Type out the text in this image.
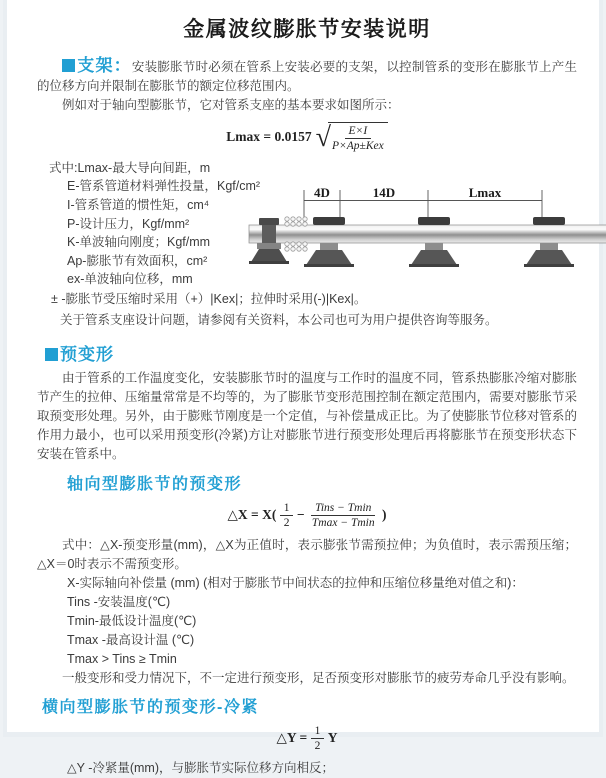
金属波纹膨胀节安装说明

支架：安装膨胀节时必须在管系上安装必要的支架，以控制管系的变形在膨胀节上产生的位移方向并限制在膨胀节的额定位移范围内。

例如对于轴向型膨胀节，它对管系支座的基本要求如图所示：

Lmax = 0.0157 √
$\frac{E\times I}{\text{P×Ap±Kex}}$
式中:Lmax-最大导向间距，m
E-管系管道材料弹性投量，Kgf/cm²
I-管系管道的惯性矩，cm⁴
P-设计压力，Kgf/mm²
K-单波轴向刚度；Kgf/mm
Ap-膨胀节有效面积，cm²
ex-单波轴向位移，mm
± -膨胀节受压缩时采用（+）|Kex|；拉伸时采用(-)|Kex|。
关于管系支座设计问题，请参阅有关资料，本公司也可为用户提供咨询等服务。
4D	14D	Lmax
预变形

由于管系的工作温度变化，安装膨胀节时的温度与工作时的温度不同，管系热膨胀冷缩对膨胀节产生的拉伸、压缩量常常是不均等的，为了膨胀节变形范围控制在额定范围内，需要对膨胀节采取预变形处理。另外，由于膨账节刚度是一个定值，与补偿量成正比。为了使膨胀节位移对管系的作用力最小，也可以采用预变形(冷紧)方让对膨胀节进行预变形处理后再将膨胀节在预变形状态下安装在管系中。

轴向型膨胀节的预变形
△X = $X( \frac{1}{2} - \frac{\text{Tins − Tmin}}{Tmax - Tmin}$ )

式中：△X-预变形量(mm)，△X为正值时，表示膨张节需预拉伸；为负值时，表示需预压缩；△X＝0时表示不需预变形。

X-实际轴向补偿量 (mm) (相对于膨胀节中间状态的拉伸和压缩位移量绝对值之和)：

Tins -安装温度(℃)

Tmin-最低设计温度(℃)

Tmax -最高设计温 (℃)

Tmax > Tins ≥ Tmin

一般变形和受力情况下，不一定进行预变形，足否预变形对膨胀节的疲劳寿命几乎没有影响。

横向型膨胀节的预变形-冷紧
△Y = $\frac{1}{2}$ Y

△Y -冷紧量(mm)，与膨胀节实际位移方向相反；
